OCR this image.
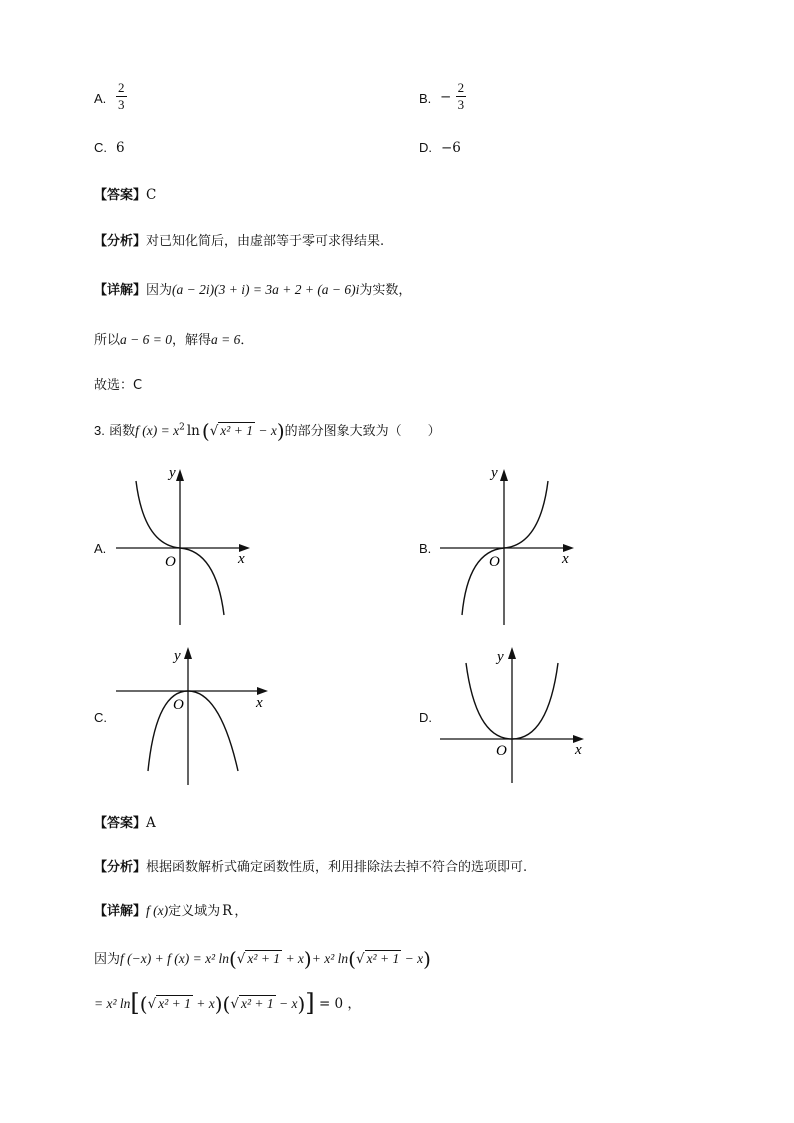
A. $\frac{2}{3}$	B. − $\frac{2}{3}$
C. 6	D. −6
【答案】C
【分析】对已知化简后，由虚部等于零可求得结果.
【详解】因为(a − 2i)(3 + i) = 3a + 2 + (a − 6)i为实数，
所以a − 6 = 0，解得a = 6．
故选：C
3. 函数f $(x) = x^2$ ln (√ x² + 1 − x)的部分图象大致为（　　）
A.
y
x
O
B.
y
x
O
C.
y
x
O
D.
y
x
O
【答案】A
【分析】根据函数解析式确定函数性质，利用排除法去掉不符合的选项即可.
【详解】f (x)定义域为 R ，
因为f (−x) + f (x) = x² ln(√ x² + 1 + x)+ x² ln(√ x² + 1 − x)
= x² ln[(√ x² + 1 + x)(√ x² + 1 − x)] = 0 ，
